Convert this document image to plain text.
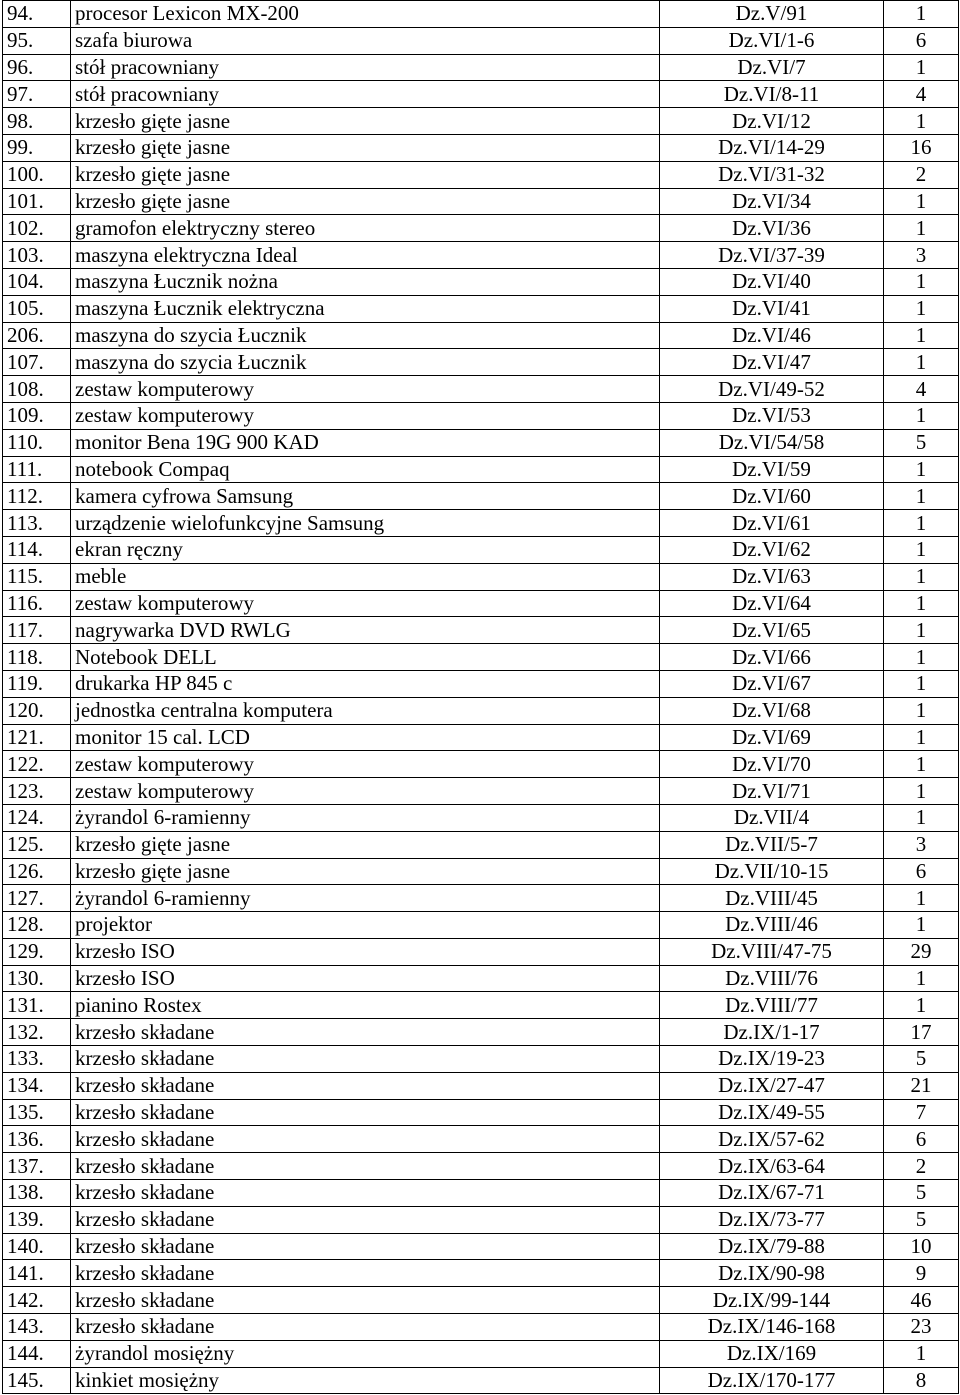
94.	procesor Lexicon MX-200	Dz.V/91	1
95.	szafa biurowa	Dz.VI/1-6	6
96.	stół pracowniany	Dz.VI/7	1
97.	stół pracowniany	Dz.VI/8-11	4
98.	krzesło gięte jasne	Dz.VI/12	1
99.	krzesło gięte jasne	Dz.VI/14-29	16
100.	krzesło gięte jasne	Dz.VI/31-32	2
101.	krzesło gięte jasne	Dz.VI/34	1
102.	gramofon elektryczny stereo	Dz.VI/36	1
103.	maszyna elektryczna Ideal	Dz.VI/37-39	3
104.	maszyna Łucznik nożna	Dz.VI/40	1
105.	maszyna Łucznik elektryczna	Dz.VI/41	1
206.	maszyna do szycia Łucznik	Dz.VI/46	1
107.	maszyna do szycia Łucznik	Dz.VI/47	1
108.	zestaw komputerowy	Dz.VI/49-52	4
109.	zestaw komputerowy	Dz.VI/53	1
110.	monitor Bena 19G 900 KAD	Dz.VI/54/58	5
111.	notebook Compaq	Dz.VI/59	1
112.	kamera cyfrowa Samsung	Dz.VI/60	1
113.	urządzenie wielofunkcyjne Samsung	Dz.VI/61	1
114.	ekran ręczny	Dz.VI/62	1
115.	meble	Dz.VI/63	1
116.	zestaw komputerowy	Dz.VI/64	1
117.	nagrywarka DVD RWLG	Dz.VI/65	1
118.	Notebook DELL	Dz.VI/66	1
119.	drukarka HP 845 c	Dz.VI/67	1
120.	jednostka centralna komputera	Dz.VI/68	1
121.	monitor 15 cal. LCD	Dz.VI/69	1
122.	zestaw komputerowy	Dz.VI/70	1
123.	zestaw komputerowy	Dz.VI/71	1
124.	żyrandol 6-ramienny	Dz.VII/4	1
125.	krzesło gięte jasne	Dz.VII/5-7	3
126.	krzesło gięte jasne	Dz.VII/10-15	6
127.	żyrandol 6-ramienny	Dz.VIII/45	1
128.	projektor	Dz.VIII/46	1
129.	krzesło ISO	Dz.VIII/47-75	29
130.	krzesło ISO	Dz.VIII/76	1
131.	pianino Rostex	Dz.VIII/77	1
132.	krzesło składane	Dz.IX/1-17	17
133.	krzesło składane	Dz.IX/19-23	5
134.	krzesło składane	Dz.IX/27-47	21
135.	krzesło składane	Dz.IX/49-55	7
136.	krzesło składane	Dz.IX/57-62	6
137.	krzesło składane	Dz.IX/63-64	2
138.	krzesło składane	Dz.IX/67-71	5
139.	krzesło składane	Dz.IX/73-77	5
140.	krzesło składane	Dz.IX/79-88	10
141.	krzesło składane	Dz.IX/90-98	9
142.	krzesło składane	Dz.IX/99-144	46
143.	krzesło składane	Dz.IX/146-168	23
144.	żyrandol mosiężny	Dz.IX/169	1
145.	kinkiet mosiężny	Dz.IX/170-177	8
